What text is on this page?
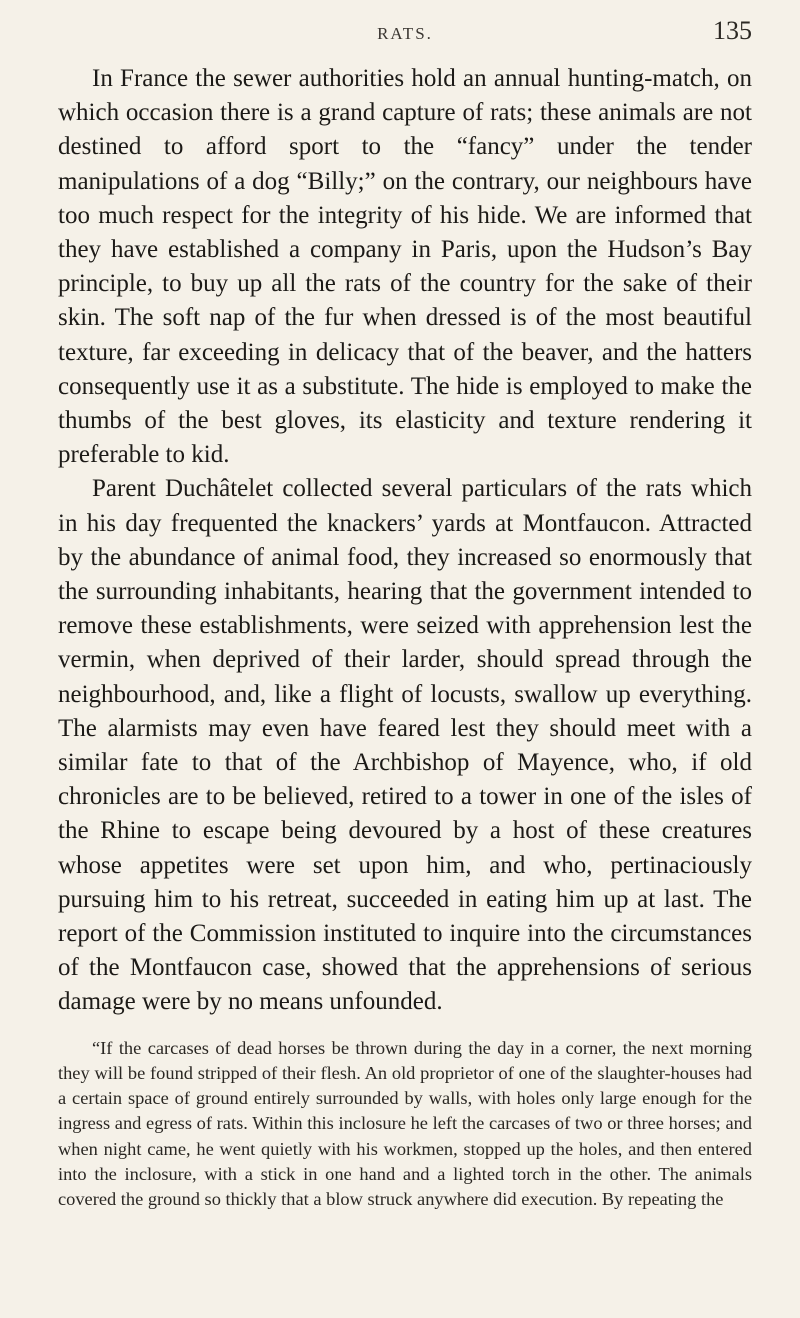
RATS.	135

In France the sewer authorities hold an annual hunting-match, on which occasion there is a grand capture of rats; these animals are not destined to afford sport to the “fancy” under the tender manipulations of a dog “Billy;” on the contrary, our neighbours have too much respect for the integrity of his hide. We are informed that they have established a company in Paris, upon the Hudson’s Bay principle, to buy up all the rats of the country for the sake of their skin. The soft nap of the fur when dressed is of the most beautiful texture, far exceeding in delicacy that of the beaver, and the hatters consequently use it as a substitute. The hide is employed to make the thumbs of the best gloves, its elasticity and texture rendering it preferable to kid.

Parent Duchâtelet collected several particulars of the rats which in his day frequented the knackers’ yards at Montfaucon. Attracted by the abundance of animal food, they increased so enormously that the surrounding inhabitants, hearing that the government intended to remove these establishments, were seized with apprehension lest the vermin, when deprived of their larder, should spread through the neighbourhood, and, like a flight of locusts, swallow up everything. The alarmists may even have feared lest they should meet with a similar fate to that of the Archbishop of Mayence, who, if old chronicles are to be believed, retired to a tower in one of the isles of the Rhine to escape being devoured by a host of these creatures whose appetites were set upon him, and who, pertinaciously pursuing him to his retreat, succeeded in eating him up at last. The report of the Commission instituted to inquire into the circumstances of the Montfaucon case, showed that the apprehensions of serious damage were by no means unfounded.

“If the carcases of dead horses be thrown during the day in a corner, the next morning they will be found stripped of their flesh. An old proprietor of one of the slaughter-houses had a certain space of ground entirely surrounded by walls, with holes only large enough for the ingress and egress of rats. Within this inclosure he left the carcases of two or three horses; and when night came, he went quietly with his workmen, stopped up the holes, and then entered into the inclosure, with a stick in one hand and a lighted torch in the other. The animals covered the ground so thickly that a blow struck anywhere did execution. By repeating the
